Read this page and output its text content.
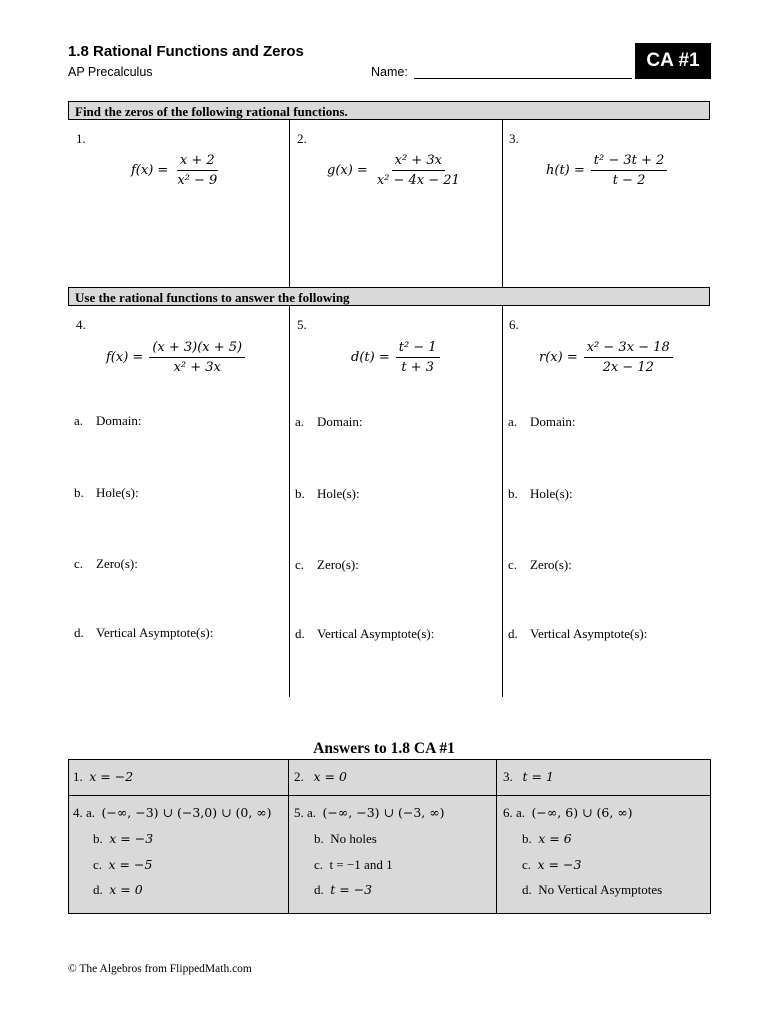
1.8 Rational Functions and Zeros
AP Precalculus	Name:
CA #1
Find the zeros of the following rational functions.
1.
$f(x) = \frac{x + 2}{\text{x² − 9}}$
2.
$g(x) = \frac{\text{x² + 3x}}{\text{x² − 4x − 21}}$
3.
$h(t) = \frac{\text{t² − 3t + 2}}{t - 2}$
Use the rational functions to answer the following
4.
$f(x) = \frac{(x + 3)(x + 5)}{\text{x² + 3x}}$
5.
$d(t) = \frac{\text{t² − 1}}{t + 3}$
6.
$r(x) = \frac{\text{x² − 3x − 18}}{2x - 12}$
a. Domain:
b. Hole(s):
c. Zero(s):
d. Vertical Asymptote(s):
a. Domain:
b. Hole(s):
c. Zero(s):
d. Vertical Asymptote(s):
a. Domain:
b. Hole(s):
c. Zero(s):
d. Vertical Asymptote(s):
Answers to 1.8 CA #1
1. x = −2	2. x = 0	3. t = 1
4. a. (−∞, −3) ∪ (−3,0) ∪ (0, ∞)
b. x = −3
c. x = −5
d. x = 0
5. a. (−∞, −3) ∪ (−3, ∞)
b. No holes
c. t = −1 and 1
d. t = −3
6. a. (−∞, 6) ∪ (6, ∞)
b. x = 6
c. x = −3
d. No Vertical Asymptotes
© The Algebros from FlippedMath.com
